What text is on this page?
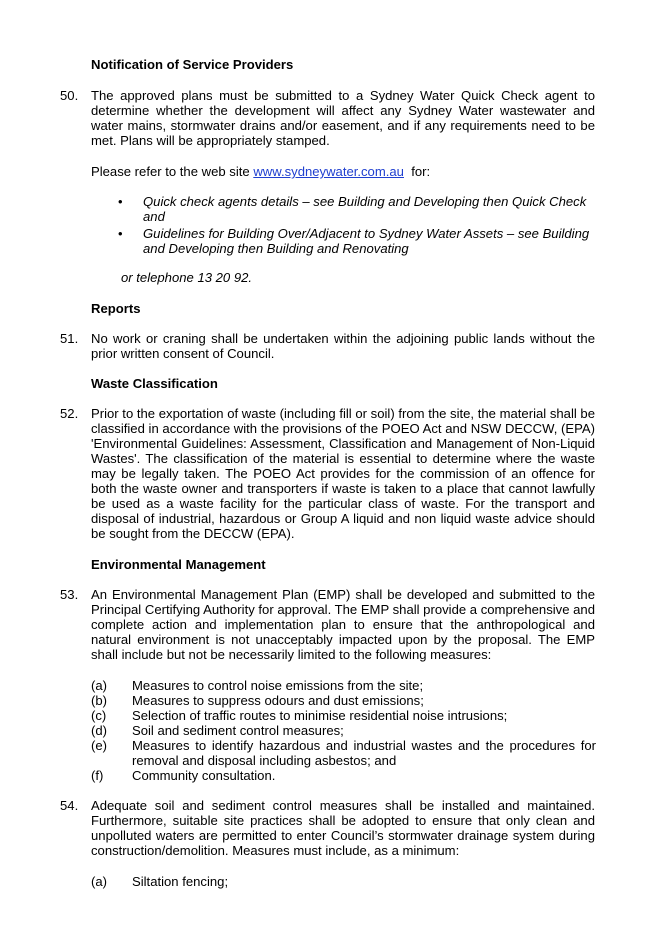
Notification of Service Providers

50. The approved plans must be submitted to a Sydney Water Quick Check agent to determine whether the development will affect any Sydney Water wastewater and water mains, stormwater drains and/or easement, and if any requirements need to be met. Plans will be appropriately stamped.

Please refer to the web site www.sydneywater.com.au  for:

• Quick check agents details – see Building and Developing then Quick Check and
• Guidelines for Building Over/Adjacent to Sydney Water Assets – see Building and Developing then Building and Renovating

or telephone 13 20 92.

Reports

51. No work or craning shall be undertaken within the adjoining public lands without the prior written consent of Council.

Waste Classification

52. Prior to the exportation of waste (including fill or soil) from the site, the material shall be classified in accordance with the provisions of the POEO Act and NSW DECCW, (EPA) 'Environmental Guidelines: Assessment, Classification and Management of Non-Liquid Wastes'. The classification of the material is essential to determine where the waste may be legally taken. The POEO Act provides for the commission of an offence for both the waste owner and transporters if waste is taken to a place that cannot lawfully be used as a waste facility for the particular class of waste. For the transport and disposal of industrial, hazardous or Group A liquid and non liquid waste advice should be sought from the DECCW (EPA).

Environmental Management

53. An Environmental Management Plan (EMP) shall be developed and submitted to the Principal Certifying Authority for approval. The EMP shall provide a comprehensive and complete action and implementation plan to ensure that the anthropological and natural environment is not unacceptably impacted upon by the proposal. The EMP shall include but not be necessarily limited to the following measures:

(a) Measures to control noise emissions from the site;
(b) Measures to suppress odours and dust emissions;
(c) Selection of traffic routes to minimise residential noise intrusions;
(d) Soil and sediment control measures;
(e) Measures to identify hazardous and industrial wastes and the procedures for removal and disposal including asbestos; and
(f) Community consultation.

54. Adequate soil and sediment control measures shall be installed and maintained. Furthermore, suitable site practices shall be adopted to ensure that only clean and unpolluted waters are permitted to enter Council’s stormwater drainage system during construction/demolition. Measures must include, as a minimum:

(a) Siltation fencing;
